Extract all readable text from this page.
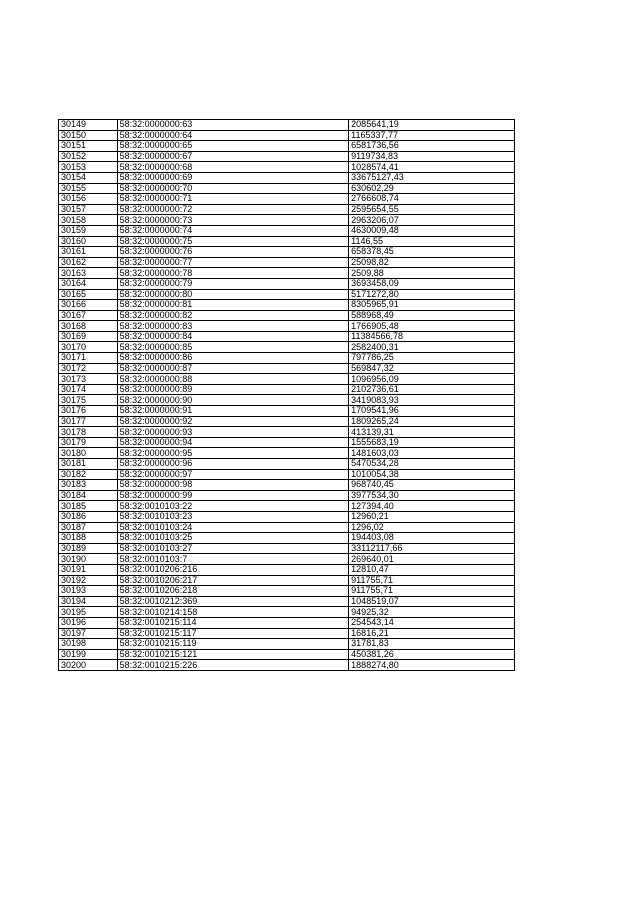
30149	58:32:0000000:63	2085641,19
30150	58:32:0000000:64	1165337,77
30151	58:32:0000000:65	6581736,56
30152	58:32:0000000:67	9119734,83
30153	58:32:0000000:68	1028574,41
30154	58:32:0000000:69	33675127,43
30155	58:32:0000000:70	630602,29
30156	58:32:0000000:71	2766608,74
30157	58:32:0000000:72	2595654,55
30158	58:32:0000000:73	2963206,07
30159	58:32:0000000:74	4630009,48
30160	58:32:0000000:75	1146,55
30161	58:32:0000000:76	658378,45
30162	58:32:0000000:77	25098,82
30163	58:32:0000000:78	2509,88
30164	58:32:0000000:79	3693458,09
30165	58:32:0000000:80	5171272,80
30166	58:32:0000000:81	8305965,91
30167	58:32:0000000:82	588968,49
30168	58:32:0000000:83	1766905,48
30169	58:32:0000000:84	11384566,78
30170	58:32:0000000:85	2582400,31
30171	58:32:0000000:86	797786,25
30172	58:32:0000000:87	569847,32
30173	58:32:0000000:88	1096956,09
30174	58:32:0000000:89	2102736,61
30175	58:32:0000000:90	3419083,93
30176	58:32:0000000:91	1709541,96
30177	58:32:0000000:92	1809265,24
30178	58:32:0000000:93	413139,31
30179	58:32:0000000:94	1555683,19
30180	58:32:0000000:95	1481603,03
30181	58:32:0000000:96	5470534,28
30182	58:32:0000000:97	1010054,38
30183	58:32:0000000:98	968740,45
30184	58:32:0000000:99	3977534,30
30185	58:32:0010103:22	127394,40
30186	58:32:0010103:23	12960,21
30187	58:32:0010103:24	1296,02
30188	58:32:0010103:25	194403,08
30189	58:32:0010103:27	33112117,66
30190	58:32:0010103:7	269640,01
30191	58:32:0010206:216	12810,47
30192	58:32:0010206:217	911755,71
30193	58:32:0010206:218	911755,71
30194	58:32:0010212:369	1048519,07
30195	58:32:0010214:158	94925,32
30196	58:32:0010215:114	254543,14
30197	58:32:0010215:117	16816,21
30198	58:32:0010215:119	31781,83
30199	58:32:0010215:121	450381,26
30200	58:32:0010215:226	1888274,80
